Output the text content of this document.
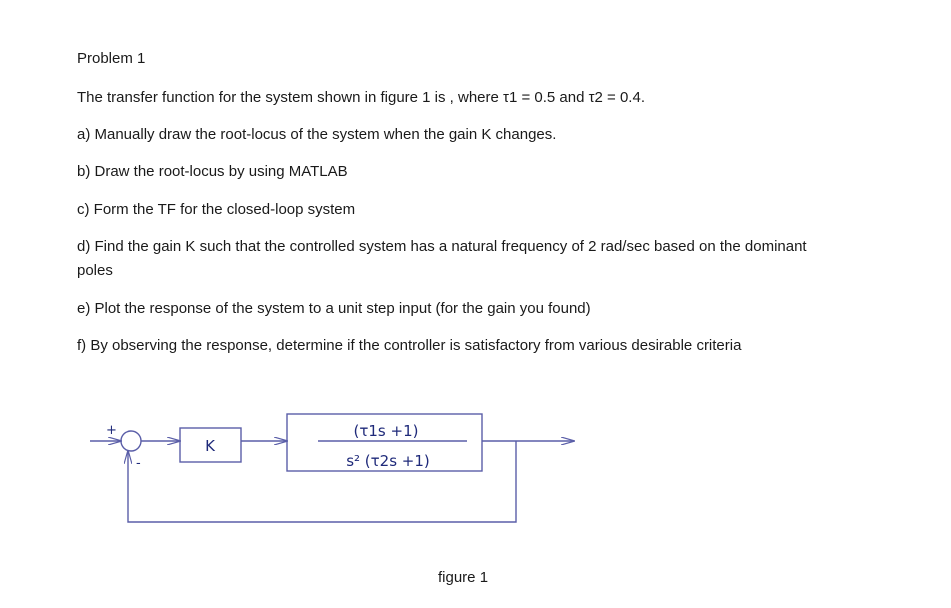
Problem 1
The transfer function for the system shown in figure 1 is , where τ1 = 0.5 and τ2 = 0.4.
a) Manually draw the root-locus of the system when the gain K changes.
b) Draw the root-locus by using MATLAB
c) Form the TF for the closed-loop system
d) Find the gain K such that the controlled system has a natural frequency of 2 rad/sec based on the dominant poles
e) Plot the response of the system to a unit step input (for the gain you found)
f) By observing the response, determine if the controller is satisfactory from various desirable criteria
+
-
K
(τ1s +1)
s² (τ2s +1)
figure 1
